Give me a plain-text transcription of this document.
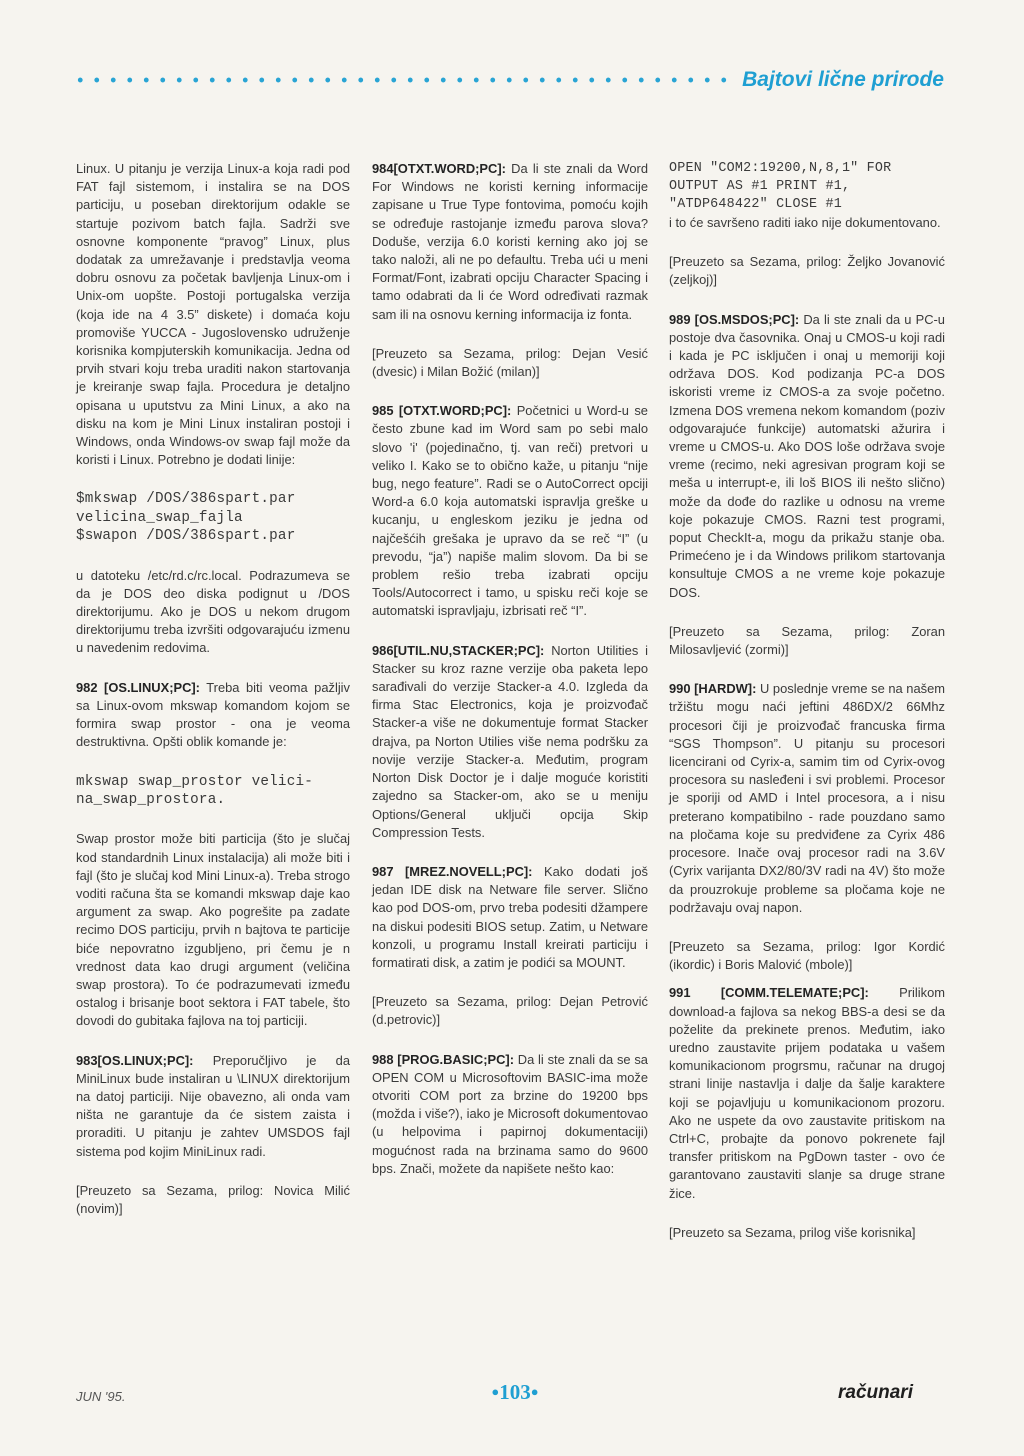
Bajtovi lične prirode

Linux. U pitanju je verzija Linux-a koja radi pod FAT fajl sistemom, i instalira se na DOS particiju, u poseban direktorijum odakle se startuje pozivom batch fajla. Sadrži sve osnovne komponente “pravog” Linux, plus dodatak za umrežavanje i predstavlja veoma dobru osnovu za početak bavljenja Linux-om i Unix-om uopšte. Postoji portugalska verzija (koja ide na 4 3.5” diskete) i domaća koju promoviše YUCCA - Jugoslovensko udruženje korisnika kompjuterskih komunikacija. Jedna od prvih stvari koju treba uraditi nakon startovanja je kreiranje swap fajla. Procedura je detaljno opisana u uputstvu za Mini Linux, a ako na disku na kom je Mini Linux instaliran postoji i Windows, onda Windows-ov swap fajl može da koristi i Linux. Potrebno je dodati linije:

$mkswap /DOS/386spart.par
velicina_swap_fajla
$swapon /DOS/386spart.par

u datoteku /etc/rd.c/rc.local. Podrazumeva se da je DOS deo diska podignut u /DOS direktorijumu. Ako je DOS u nekom drugom direktorijumu treba izvršiti odgovarajuću izmenu u navedenim redovima.

982 [OS.LINUX;PC]: Treba biti veoma pažljiv sa Linux-ovom mkswap komandom kojom se formira swap prostor - ona je veoma destruktivna. Opšti oblik komande je:

mkswap swap_prostor velici-
na_swap_prostora.

Swap prostor može biti particija (što je slučaj kod standardnih Linux instalacija) ali može biti i fajl (što je slučaj kod Mini Linux-a). Treba strogo voditi računa šta se komandi mkswap daje kao argument za swap. Ako pogrešite pa zadate recimo DOS particiju, prvih n bajtova te particije biće nepovratno izgubljeno, pri čemu je n vrednost data kao drugi argument (veličina swap prostora). To će podrazumevati između ostalog i brisanje boot sektora i FAT tabele, što dovodi do gubitaka fajlova na toj particiji.

983[OS.LINUX;PC]: Preporučljivo je da MiniLinux bude instaliran u \LINUX direktorijum na datoj particiji. Nije obavezno, ali onda vam ništa ne garantuje da će sistem zaista i proraditi. U pitanju je zahtev UMSDOS fajl sistema pod kojim MiniLinux radi.

[Preuzeto sa Sezama, prilog: Novica Milić (novim)]

984[OTXT.WORD;PC]: Da li ste znali da Word For Windows ne koristi kerning informacije zapisane u True Type fontovima, pomoću kojih se određuje rastojanje između parova slova? Doduše, verzija 6.0 koristi kerning ako joj se tako naloži, ali ne po defaultu. Treba ući u meni Format/Font, izabrati opciju Character Spacing i tamo odabrati da li će Word određivati razmak sam ili na osnovu kerning informacija iz fonta.

[Preuzeto sa Sezama, prilog: Dejan Vesić (dvesic) i Milan Božić (milan)]

985 [OTXT.WORD;PC]: Početnici u Word-u se često zbune kad im Word sam po sebi malo slovo 'i' (pojedinačno, tj. van reči) pretvori u veliko I. Kako se to obično kaže, u pitanju “nije bug, nego feature”. Radi se o AutoCorrect opciji Word-a 6.0 koja automatski ispravlja greške u kucanju, u engleskom jeziku je jedna od najčešćih grešaka je upravo da se reč “I” (u prevodu, “ja”) napiše malim slovom. Da bi se problem rešio treba izabrati opciju Tools/Autocorrect i tamo, u spisku reči koje se automatski ispravljaju, izbrisati reč “I”.

986[UTIL.NU,STACKER;PC]: Norton Utilities i Stacker su kroz razne verzije oba paketa lepo sarađivali do verzije Stacker-a 4.0. Izgleda da firma Stac Electronics, koja je proizvođač Stacker-a više ne dokumentuje format Stacker drajva, pa Norton Utilies više nema podršku za novije verzije Stacker-a. Međutim, program Norton Disk Doctor je i dalje moguće koristiti zajedno sa Stacker-om, ako se u meniju Options/General uključi opcija Skip Compression Tests.

987 [MREZ.NOVELL;PC]: Kako dodati još jedan IDE disk na Netware file server. Slično kao pod DOS-om, prvo treba podesiti džampere na diskui podesiti BIOS setup. Zatim, u Netware konzoli, u programu Install kreirati particiju i formatirati disk, a zatim je podići sa MOUNT.

[Preuzeto sa Sezama, prilog: Dejan Petrović (d.petrovic)]

988 [PROG.BASIC;PC]: Da li ste znali da se sa OPEN COM u Microsoftovim BASIC-ima može otvoriti COM port za brzine do 19200 bps (možda i više?), iako je Microsoft dokumentovao (u helpovima i papirnoj dokumentaciji) mogućnost rada na brzinama samo do 9600 bps. Znači, možete da napišete nešto kao:

OPEN "COM2:19200,N,8,1" FOR
OUTPUT AS #1 PRINT #1,
"ATDP648422" CLOSE #1

i to će savršeno raditi iako nije dokumentovano.

[Preuzeto sa Sezama, prilog: Željko Jovanović (zeljkoj)]

989 [OS.MSDOS;PC]: Da li ste znali da u PC-u postoje dva časovnika. Onaj u CMOS-u koji radi i kada je PC isključen i onaj u memoriji koji održava DOS. Kod podizanja PC-a DOS iskoristi vreme iz CMOS-a za svoje početno. Izmena DOS vremena nekom komandom (poziv odgovarajuće funkcije) automatski ažurira i vreme u CMOS-u. Ako DOS loše održava svoje vreme (recimo, neki agresivan program koji se meša u interrupt-e, ili loš BIOS ili nešto slično) može da dođe do razlike u odnosu na vreme koje pokazuje CMOS. Razni test programi, poput CheckIt-a, mogu da prikažu stanje oba. Primećeno je i da Windows prilikom startovanja konsultuje CMOS a ne vreme koje pokazuje DOS.

[Preuzeto sa Sezama, prilog: Zoran Milosavljević (zormi)]

990 [HARDW]: U poslednje vreme se na našem tržištu mogu naći jeftini 486DX/2 66Mhz procesori čiji je proizvođač francuska firma “SGS Thompson”. U pitanju su procesori licencirani od Cyrix-a, samim tim od Cyrix-ovog procesora su nasleđeni i svi problemi. Procesor je sporiji od AMD i Intel procesora, a i nisu preterano kompatibilno - rade pouzdano samo na pločama koje su predviđene za Cyrix 486 procesore. Inače ovaj procesor radi na 3.6V (Cyrix varijanta DX2/80/3V radi na 4V) što može da prouzrokuje probleme sa pločama koje ne podržavaju ovaj napon.

[Preuzeto sa Sezama, prilog: Igor Kordić (ikordic) i Boris Malović (mbole)]

991 [COMM.TELEMATE;PC]: Prilikom download-a fajlova sa nekog BBS-a desi se da poželite da prekinete prenos. Međutim, iako uredno zaustavite prijem podataka u vašem komunikacionom progrsmu, računar na drugoj strani linije nastavlja i dalje da šalje karaktere koji se pojavljuju u komunikacionom prozoru. Ako ne uspete da ovo zaustavite pritiskom na Ctrl+C, probajte da ponovo pokrenete fajl transfer pritiskom na PgDown taster - ovo će garantovano zaustaviti slanje sa druge strane žice.

[Preuzeto sa Sezama, prilog više korisnika]

JUN '95.	●103●	računari
